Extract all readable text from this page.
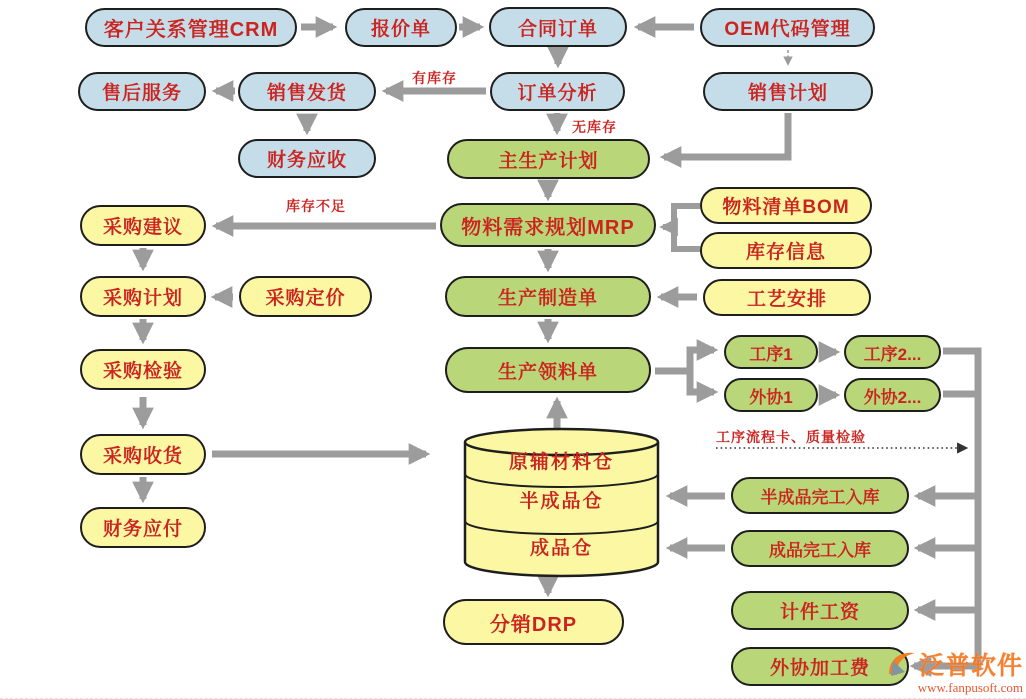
客户关系管理CRM	报价单	合同订单	OEM代码管理
售后服务	销售发货	订单分析	销售计划
财务应收	主生产计划
采购建议	物料需求规划MRP
物料清单BOM
库存信息
采购计划	采购定价	生产制造单	工艺安排
采购检验	生产领料单
工序1	工序2...
外协1	外协2...
采购收货
财务应付
半成品完工入库
成品完工入库
分销DRP
计件工资
外协加工费
原辅材料仓
半成品仓
成品仓
有库存
无库存
库存不足
工序流程卡、质量检验
泛普软件
www.fanpusoft.com
